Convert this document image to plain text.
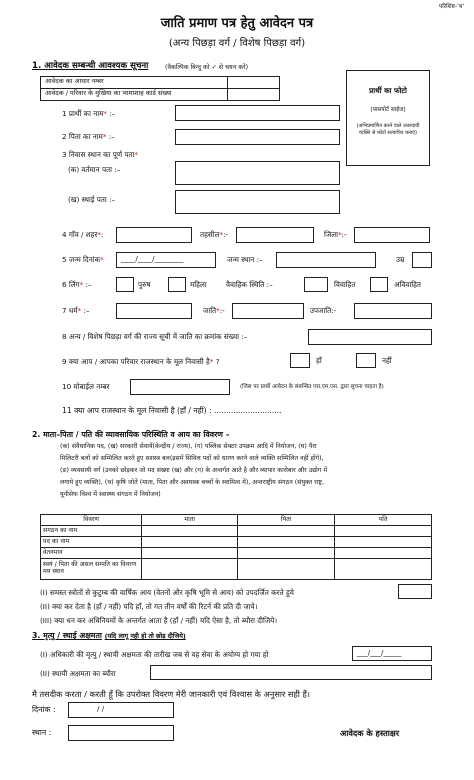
परिशिष्ट-'थ'
जाति प्रमाण पत्र हेतु आवेदन पत्र
(अन्य पिछड़ा वर्ग / विशेष पिछड़ा वर्ग)
1. आवेदक सम्बन्धी आवश्यक सूचना	(वैकल्पिक बिन्दु को ✓ से चयन करें)
आवेदक का आधार नम्बर
आवेदक / परिवार के मुखिया का भामाशाह कार्ड संख्या	प्रार्थी का फोटो
(पासपोर्ट साईज)
(अभिप्रमाणित करने वाले उत्तरदायी व्यक्ति से फोटो सत्यापित कराएं)
1 प्रार्थी का नाम* :–
2 पिता का नाम* :–
3 निवास स्थान का पूर्ण पता*
(क) वर्तमान पता :–
(ख) स्थाई पता :–
4 गाँव / शहर*:	तहसील*:-	जिला*:-
5 जन्म दिनांक* ____/____/________	जन्म स्थान :–	उम्र
6 लिंग* :–	पुरुष	महिला	वैवाहिक स्थिति :–	विवाहित	अविवाहित
7 धर्म* :–	जाति*:-	उपजाति:-
8 अन्य / विशेष पिछड़ा वर्ग की राज्य सूची में जाति का क्रमांक संख्या :–
9 क्या आप / आपका परिवार राजस्थान के मूल निवासी है* ?	हाँ	नहीं
10 मोबाईल नम्बर	(जिस पर प्रार्थी आवेदन के संबन्धित एस.एम.एस. द्वारा सूचना चाहता है)
11 क्या आप राजस्थान के मूल निवासी है (हाँ / नहीं) : ............................
2. माता–पिता / पति की व्यावसायिक परिस्थिति व आय का विवरण –
(क) संवैधानिक पद, (ख) सरकारी सेवायें(केन्द्रीय / राज्य), (ग) पब्लिक सेक्टर उपक्रम आदि में नियोजन, (घ) पैरा
मिलिटरी बलों को सम्मिलित करते हुए सशस्त्र बल(इसमें सिविल पदों को धारण करने वाले व्यक्ति सम्मिलित नहीं होंगे),
(ङ) व्यवसायी वर्ग (उनको छोड़कर जो मद संख्या (ख) और (ग) के अन्तर्गत आते है और व्यापार कारोबार और उद्योग में
लगाये हुए व्यक्ति), (च) कृषि जोतें (माता, पिता और अवयस्क बच्चों के स्वामित्व में), अन्तराष्ट्रीय संगठन (संयुक्त राष्ट्र,
यूनीसेफ विश्व में स्वास्थ्य संगठन में नियोजन)
विवरण	माता	पिता	पति
सगठन का नाम			
पद का नाम			
वेतनमान			
स्वयं / पिता की असल सम्पति का विवरण मय स्थान			
(I) समस्त स्त्रोतों से कुटुम्ब की वार्षिक आय (वेतनों और कृषि भूमि से आय) को उपदर्जित करते हुये
(II) क्या कर देता है (हाँ / नहीं) यदि हाँ, तो गत तीन वर्षों की रिटर्न की प्रति दी जाये।
(III) क्या धन कर अधिनियमों के अन्तर्गत आता है (हाँ / नहीं) यदि ऐसा है, तो ब्यौरा दीजिये।
3. मृत्यु / स्थाई अक्षमता (यदि लागू नही हो तो छोड़ दीजिये)
(I) अधिकारी की मृत्यु / स्थायी अक्षमता की तारीख जब से वह सेवा के अयोग्य हो गया हो	___/___/_____
(II) स्थायी अक्षमता का ब्यौरा
मै तसदीक करता / करती हूँ कि उपरोक्त विवरण मेरी जानकारी एवं विश्वास के अनुसार सही हैं।
दिनांक :	/ /
स्थान :	आवेदक के हस्ताक्षर
